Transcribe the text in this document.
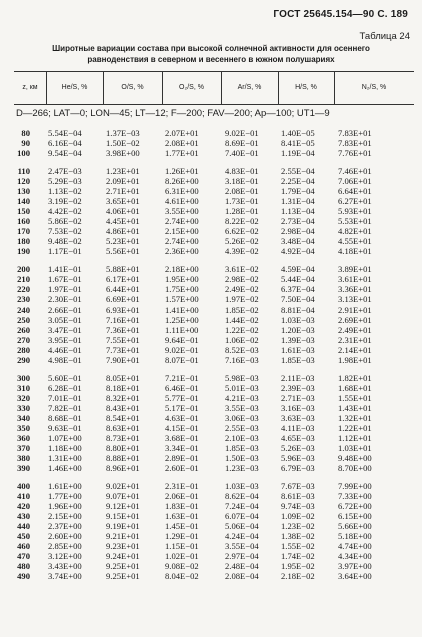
ГОСТ 25645.154—90 С. 189
Таблица 24
Широтные вариации состава при высокой солнечной активности для осеннего
равноденствия в северном и весеннего в южном полушариях
z, км	He/S, %	O/S, %	O₂/S, %	Ar/S, %	H/S, %	N₂/S, %
D—266; LAT—0; LON—45; LT—12; F—200; FAV—200; Ap—100; UT1—9
80 5.54E−04	1.37E−03	2.07E+01	9.02E−01	1.40E−05	7.83E+01
90 6.16E−04	1.50E−02	2.08E+01	8.69E−01	8.41E−05	7.83E+01
100 9.54E−04	3.98E+00	1.77E+01	7.40E−01	1.19E−04	7.76E+01
110 2.47E−03	1.23E+01	1.26E+01	4.83E−01	2.55E−04	7.46E+01
120 5.29E−03	2.09E+01	8.26E+00	3.18E−01	2.25E−04	7.06E+01
130 1.13E−02	2.71E+01	6.31E+00	2.08E−01	1.79E−04	6.64E+01
140 3.19E−02	3.65E+01	4.61E+00	1.73E−01	1.31E−04	6.27E+01
150 4.42E−02	4.06E+01	3.55E+00	1.28E−01	1.13E−04	5.93E+01
160 5.86E−02	4.45E+01	2.74E+00	8.22E−02	2.73E−04	5.53E+01
170 7.53E−02	4.86E+01	2.15E+00	6.62E−02	2.98E−04	4.82E+01
180 9.48E−02	5.23E+01	2.74E+00	5.26E−02	3.48E−04	4.55E+01
190 1.17E−01	5.56E+01	2.36E+00	4.39E−02	4.92E−04	4.18E+01
200 1.41E−01	5.88E+01	2.18E+00	3.61E−02	4.59E−04	3.89E+01
210 1.67E−01	6.17E+01	1.95E+00	2.98E−02	5.44E−04	3.61E+01
220 1.97E−01	6.44E+01	1.75E+00	2.49E−02	6.37E−04	3.36E+01
230 2.30E−01	6.69E+01	1.57E+00	1.97E−02	7.50E−04	3.13E+01
240 2.66E−01	6.93E+01	1.41E+00	1.85E−02	8.81E−04	2.91E+01
250 3.05E−01	7.16E+01	1.25E+00	1.44E−02	1.03E−03	2.69E+01
260 3.47E−01	7.36E+01	1.11E+00	1.22E−02	1.20E−03	2.49E+01
270 3.95E−01	7.55E+01	9.64E−01	1.06E−02	1.39E−03	2.31E+01
280 4.46E−01	7.73E+01	9.02E−01	8.52E−03	1.61E−03	2.14E+01
290 4.98E−01	7.90E+01	8.07E−01	7.16E−03	1.85E−03	1.98E+01
300 5.60E−01	8.05E+01	7.21E−01	5.98E−03	2.11E−03	1.82E+01
310 6.28E−01	8.18E+01	6.46E−01	5.01E−03	2.39E−03	1.68E+01
320 7.01E−01	8.32E+01	5.77E−01	4.21E−03	2.71E−03	1.55E+01
330 7.82E−01	8.43E+01	5.17E−01	3.55E−03	3.16E−03	1.43E+01
340 8.68E−01	8.54E+01	4.63E−01	3.06E−03	3.63E−03	1.32E+01
350 9.63E−01	8.63E+01	4.15E−01	2.55E−03	4.11E−03	1.22E+01
360 1.07E+00	8.73E+01	3.68E−01	2.10E−03	4.65E−03	1.12E+01
370 1.18E+00	8.80E+01	3.34E−01	1.85E−03	5.26E−03	1.03E+01
380 1.31E+00	8.88E+01	2.89E−01	1.50E−03	5.96E−03	9.48E+00
390 1.46E+00	8.96E+01	2.60E−01	1.23E−03	6.79E−03	8.70E+00
400 1.61E+00	9.02E+01	2.31E−01	1.03E−03	7.67E−03	7.99E+00
410 1.77E+00	9.07E+01	2.06E−01	8.62E−04	8.61E−03	7.33E+00
420 1.96E+00	9.12E+01	1.83E−01	7.24E−04	9.74E−03	6.72E+00
430 2.15E+00	9.15E+01	1.63E−01	6.07E−04	1.09E−02	6.15E+00
440 2.37E+00	9.19E+01	1.45E−01	5.06E−04	1.23E−02	5.66E+00
450 2.60E+00	9.21E+01	1.29E−01	4.24E−04	1.38E−02	5.18E+00
460 2.85E+00	9.23E+01	1.15E−01	3.55E−04	1.55E−02	4.74E+00
470 3.12E+00	9.24E+01	1.02E−01	2.97E−04	1.74E−02	4.34E+00
480 3.43E+00	9.25E+01	9.08E−02	2.48E−04	1.95E−02	3.97E+00
490 3.74E+00	9.25E+01	8.04E−02	2.08E−04	2.18E−02	3.64E+00
